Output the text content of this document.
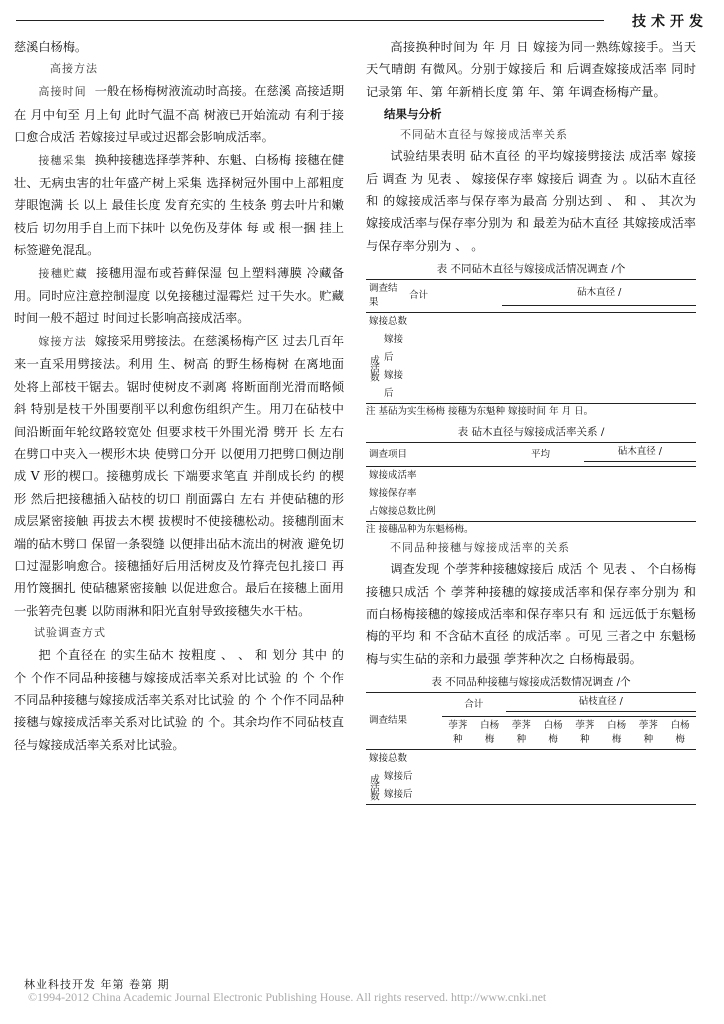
技术开发

慈溪白杨梅。

高接方法

高接时间 一般在杨梅树液流动时高接。在慈溪 高接适期在 月中旬至 月上旬 此时气温不高 树液已开始流动 有利于接口愈合成活 若嫁接过早或过迟都会影响成活率。

接穗采集 换种接穗选择荸荠种、东魁、白杨梅 接穗在健壮、无病虫害的壮年盛产树上采集 选择树冠外围中上部粗度 芽眼饱满 长 以上 最佳长度 发育充实的 生枝条 剪去叶片和嫩枝后 切勿用手自上而下抹叶 以免伤及芽体 每 或 根一捆 挂上标签避免混乱。

接穗贮藏 接穗用湿布或苔藓保湿 包上塑料薄膜 冷藏备用。同时应注意控制湿度 以免接穗过湿霉烂 过干失水。贮藏时间一般不超过 时间过长影响高接成活率。

嫁接方法 嫁接采用劈接法。在慈溪杨梅产区 过去几百年来一直采用劈接法。利用 生、树高 的野生杨梅树 在离地面 处将上部枝干锯去。锯时使树皮不剥离 将断面削光滑而略倾斜 特别是枝干外围要削平以利愈伤组织产生。用刀在砧枝中间沿断面年轮纹路较宽处 但要求枝干外围光滑 劈开 长 左右 在劈口中夹入一楔形木块 使劈口分开 以便用刀把劈口侧边削成 V 形的楔口。接穗剪成长 下端要求笔直 并削成长约 的楔形 然后把接穗插入砧枝的切口 削面露白 左右 并使砧穗的形成层紧密接触 再拔去木楔 拔楔时不使接穗松动。接穗削面末端的砧木劈口 保留一条裂缝 以便排出砧木流出的树液 避免切口过湿影响愈合。接穗插好后用活树皮及竹箨壳包扎接口 再用竹篾捆扎 使砧穗紧密接触 以促进愈合。最后在接穗上面用一张箬壳包裹 以防雨淋和阳光直射导致接穗失水干枯。

试验调查方式

把 个直径在 的实生砧木 按粗度 、 、 和 划分 其中 的 个 个作不同品种接穗与嫁接成活率关系对比试验 的 个 个作不同品种接穗与嫁接成活率关系对比试验 的 个 个作不同品种接穗与嫁接成活率关系对比试验 的 个。其余均作不同砧枝直径与嫁接成活率关系对比试验。

高接换种时间为 年 月 日 嫁接为同一熟练嫁接手。当天天气晴朗 有微风。分别于嫁接后 和 后调查嫁接成活率 同时记录第 年、第 年新梢长度 第 年、第 年调查杨梅产量。

结果与分析
不同砧木直径与嫁接成活率关系

试验结果表明 砧木直径 的平均嫁接劈接法 成活率 嫁接后 调查 为 见表 、 嫁接保存率 嫁接后 调查 为 。以砧木直径 和 的嫁接成活率与保存率为最高 分别达到 、 和 、 其次为 嫁接成活率与保存率分别为 和 最差为砧木直径 其嫁接成活率与保存率分别为 、 。

表 不同砧木直径与嫁接成活情况调查 /个
调查结果	合计	砧木直径 /			

嫁接总数					

成活数
嫁接后
嫁接后					

注 基砧为实生杨梅 接穗为东魁种 嫁接时间 年 月 日。
表 砧木直径与嫁接成活率关系 /
调查项目	平均	砧木直径 /			

嫁接成活率					
嫁接保存率					
占嫁接总数比例					
注 接穗品种为东魁杨梅。
不同品种接穗与嫁接成活率的关系

调查发现 个荸荠种接穗嫁接后 成活 个 见表 、 个白杨梅接穗只成活 个 荸荠种接穗的嫁接成活率和保存率分别为 和 而白杨梅接穗的嫁接成活率和保存率只有 和 远远低于东魁杨梅的平均 和 不含砧木直径 的成活率 。可见 三者之中 东魁杨梅与实生砧的亲和力最强 荸荠种次之 白杨梅最弱。

表 不同品种接穗与嫁接成活数情况调查 /个
调查结果	合计		砧枝直径 /					

	荸荠种	白杨梅	荸荠种	白杨梅	荸荠种	白杨梅	荸荠种	白杨梅
嫁接总数								

成活数 嫁接后
嫁接后								

林业科技开发 年第 卷第 期
©1994-2012 China Academic Journal Electronic Publishing House. All rights reserved. http://www.cnki.net
